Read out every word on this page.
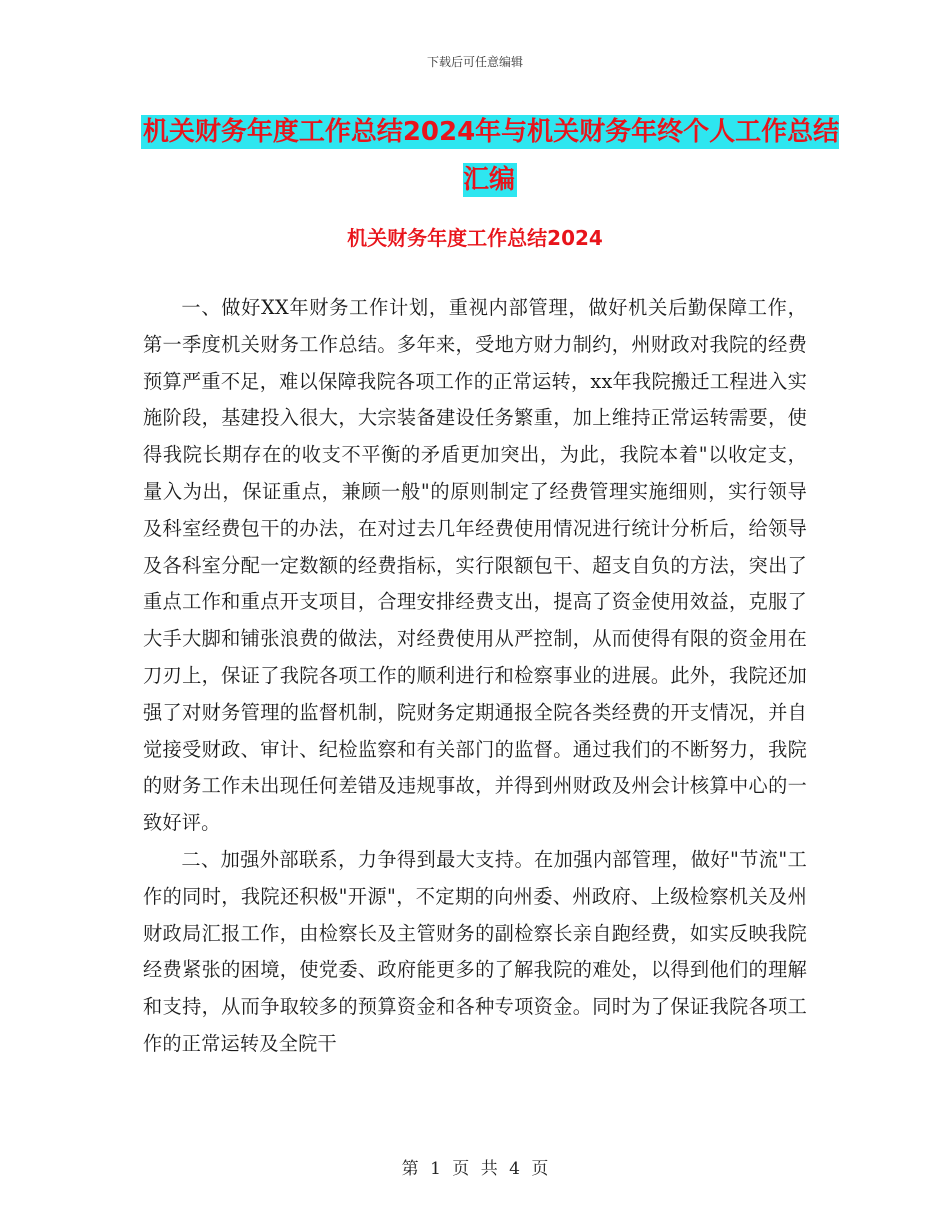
下载后可任意编辑
机关财务年度工作总结2024年与机关财务年终个人工作总结汇编
机关财务年度工作总结2024

一、做好XX年财务工作计划，重视内部管理，做好机关后勤保障工作，第一季度机关财务工作总结。多年来，受地方财力制约，州财政对我院的经费预算严重不足，难以保障我院各项工作的正常运转，xx年我院搬迁工程进入实施阶段，基建投入很大，大宗装备建设任务繁重，加上维持正常运转需要，使得我院长期存在的收支不平衡的矛盾更加突出，为此，我院本着"以收定支，量入为出，保证重点，兼顾一般"的原则制定了经费管理实施细则，实行领导及科室经费包干的办法，在对过去几年经费使用情况进行统计分析后，给领导及各科室分配一定数额的经费指标，实行限额包干、超支自负的方法，突出了重点工作和重点开支项目，合理安排经费支出，提高了资金使用效益，克服了大手大脚和铺张浪费的做法，对经费使用从严控制，从而使得有限的资金用在刀刃上，保证了我院各项工作的顺利进行和检察事业的进展。此外，我院还加强了对财务管理的监督机制，院财务定期通报全院各类经费的开支情况，并自觉接受财政、审计、纪检监察和有关部门的监督。通过我们的不断努力，我院的财务工作未出现任何差错及违规事故，并得到州财政及州会计核算中心的一致好评。

二、加强外部联系，力争得到最大支持。在加强内部管理，做好"节流"工作的同时，我院还积极"开源"，不定期的向州委、州政府、上级检察机关及州财政局汇报工作，由检察长及主管财务的副检察长亲自跑经费，如实反映我院经费紧张的困境，使党委、政府能更多的了解我院的难处，以得到他们的理解和支持，从而争取较多的预算资金和各种专项资金。同时为了保证我院各项工作的正常运转及全院干

第 1 页 共 4 页
